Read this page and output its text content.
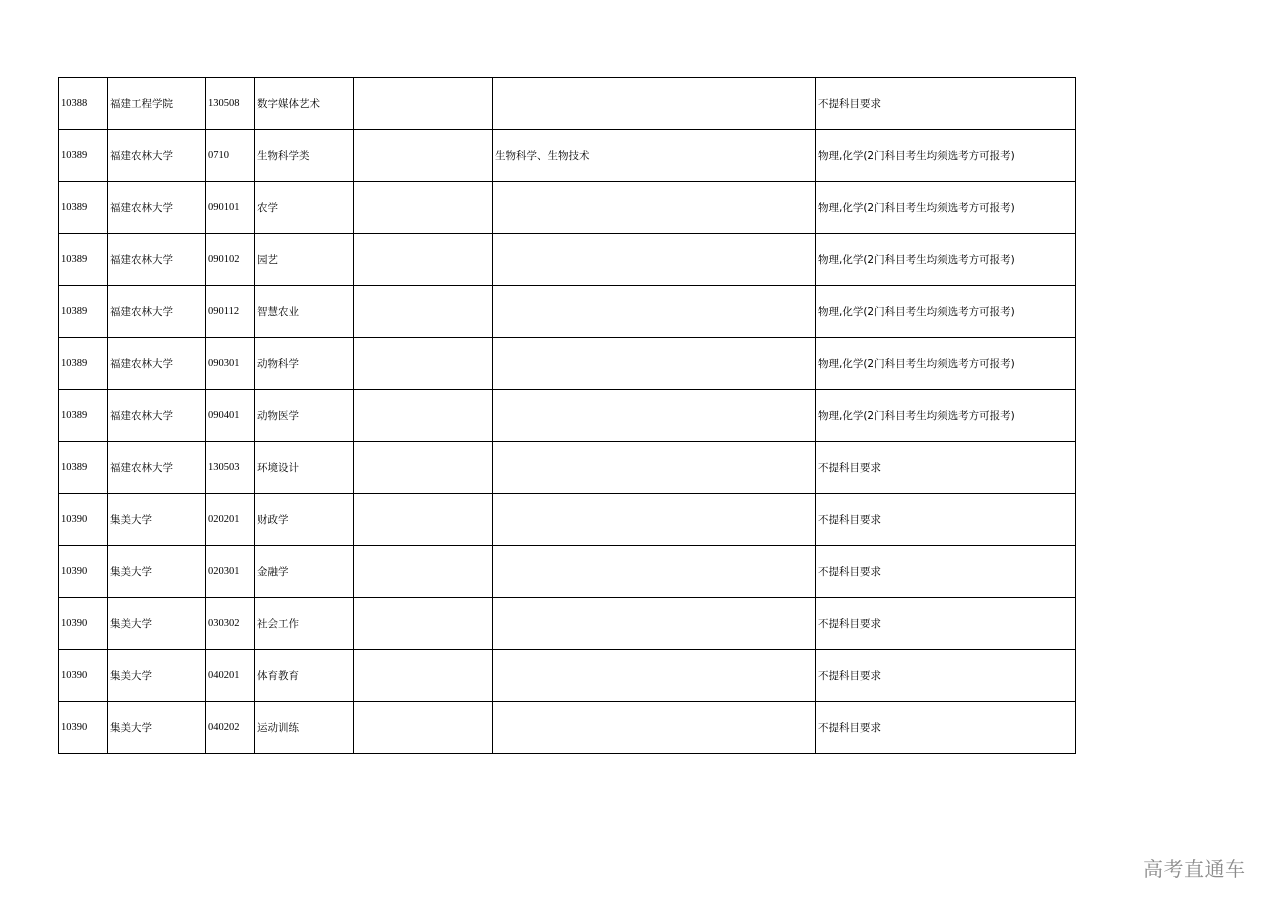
10388	福建工程学院	130508	数字媒体艺术			不提科目要求
10389	福建农林大学	0710	生物科学类		生物科学、生物技术	物理,化学(2门科目考生均须选考方可报考)
10389	福建农林大学	090101	农学			物理,化学(2门科目考生均须选考方可报考)
10389	福建农林大学	090102	园艺			物理,化学(2门科目考生均须选考方可报考)
10389	福建农林大学	090112	智慧农业			物理,化学(2门科目考生均须选考方可报考)
10389	福建农林大学	090301	动物科学			物理,化学(2门科目考生均须选考方可报考)
10389	福建农林大学	090401	动物医学			物理,化学(2门科目考生均须选考方可报考)
10389	福建农林大学	130503	环境设计			不提科目要求
10390	集美大学	020201	财政学			不提科目要求
10390	集美大学	020301	金融学			不提科目要求
10390	集美大学	030302	社会工作			不提科目要求
10390	集美大学	040201	体育教育			不提科目要求
10390	集美大学	040202	运动训练			不提科目要求
高考直通车
